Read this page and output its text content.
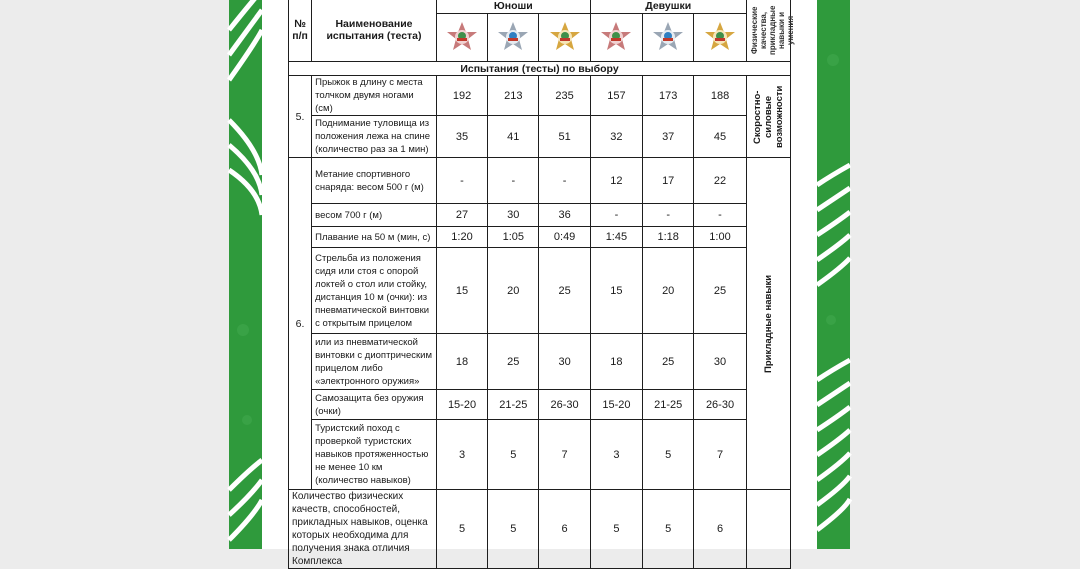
№ п/п	Наименование испытания (теста)	Юноши			Девушки			Физические качества, прикладные навыки и умения

Испытания (тесты) по выбору								
5.	Прыжок в длину с места толчком двумя ногами (см)	192	213	235	157	173	188	Скоростно-силовые возможности

	Поднимание туловища из положения лежа на спине (количество раз за 1 мин)	35	41	51	32	37	45	
6.	Метание спортивного снаряда: весом 500 г (м)	-	-	-	12	17	22	Прикладные навыки

	весом 700 г (м)	27	30	36	-	-	-	
	Плавание на 50 м (мин, с)	1:20	1:05	0:49	1:45	1:18	1:00	
	Стрельба из положения сидя или стоя с опорой локтей о стол или стойку, дистанция 10 м (очки): из пневматической винтовки с открытым прицелом	15	20	25	15	20	25	
	или из пневматической винтовки с диоптрическим прицелом либо «электронного оружия»	18	25	30	18	25	30	
	Самозащита без оружия (очки)	15-20	21-25	26-30	15-20	21-25	26-30	
	Туристский поход с проверкой туристских навыков протяженностью не менее 10 км (количество навыков)	3	5	7	3	5	7	
Количество физических качеств, способностей, прикладных навыков, оценка которых необходима для получения знака отличия Комплекса		5	5	6	5	5	6	
